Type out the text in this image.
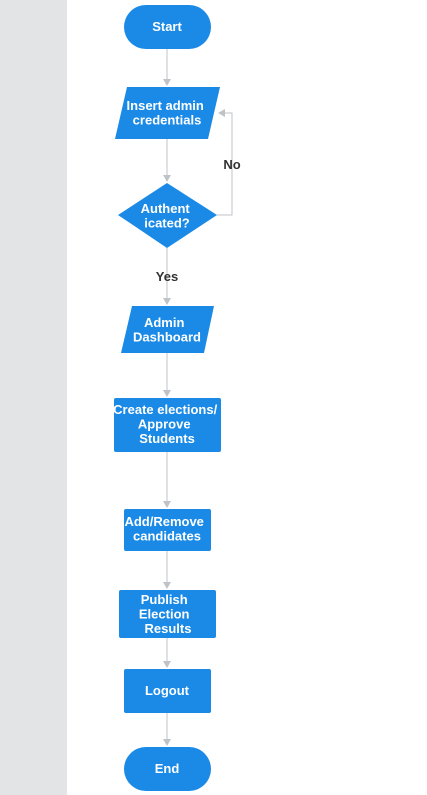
No
Yes
Start
Insert admin credentials
Authent icated?
Admin Dashboard
Create elections/ Approve Students
Add/Remove candidates
Publish Election Results
Logout
End
